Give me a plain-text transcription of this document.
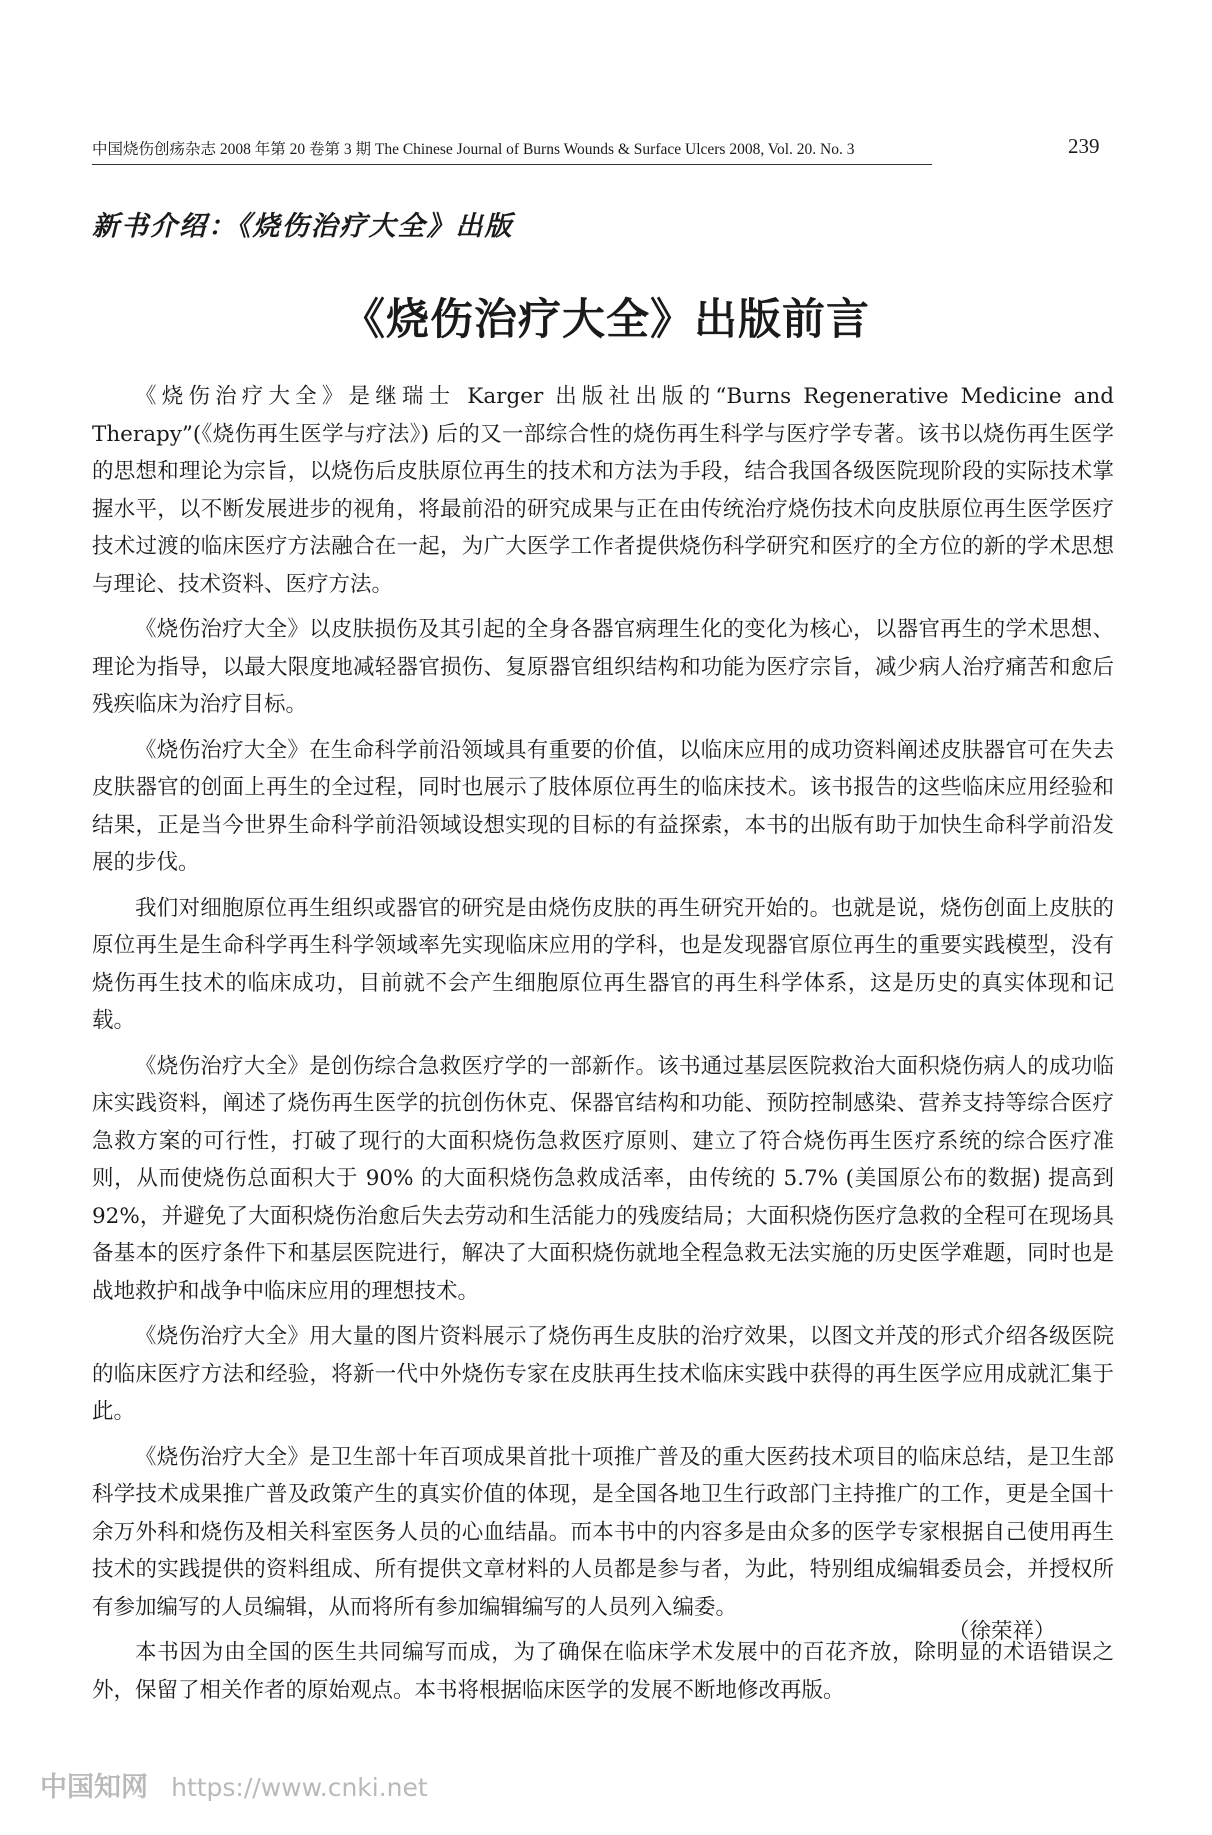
中国烧伤创疡杂志 2008 年第 20 卷第 3 期 The Chinese Journal of Burns Wounds & Surface Ulcers 2008, Vol. 20. No. 3	239
新书介绍：《烧伤治疗大全》出版
《烧伤治疗大全》出版前言

《烧伤治疗大全》是继瑞士 Karger 出版社出版的“Burns Regenerative Medicine and Therapy”(《烧伤再生医学与疗法》) 后的又一部综合性的烧伤再生科学与医疗学专著。该书以烧伤再生医学的思想和理论为宗旨，以烧伤后皮肤原位再生的技术和方法为手段，结合我国各级医院现阶段的实际技术掌握水平，以不断发展进步的视角，将最前沿的研究成果与正在由传统治疗烧伤技术向皮肤原位再生医学医疗技术过渡的临床医疗方法融合在一起，为广大医学工作者提供烧伤科学研究和医疗的全方位的新的学术思想与理论、技术资料、医疗方法。

《烧伤治疗大全》以皮肤损伤及其引起的全身各器官病理生化的变化为核心，以器官再生的学术思想、理论为指导，以最大限度地减轻器官损伤、复原器官组织结构和功能为医疗宗旨，减少病人治疗痛苦和愈后残疾临床为治疗目标。

《烧伤治疗大全》在生命科学前沿领域具有重要的价值，以临床应用的成功资料阐述皮肤器官可在失去皮肤器官的创面上再生的全过程，同时也展示了肢体原位再生的临床技术。该书报告的这些临床应用经验和结果，正是当今世界生命科学前沿领域设想实现的目标的有益探索，本书的出版有助于加快生命科学前沿发展的步伐。

我们对细胞原位再生组织或器官的研究是由烧伤皮肤的再生研究开始的。也就是说，烧伤创面上皮肤的原位再生是生命科学再生科学领域率先实现临床应用的学科，也是发现器官原位再生的重要实践模型，没有烧伤再生技术的临床成功，目前就不会产生细胞原位再生器官的再生科学体系，这是历史的真实体现和记载。

《烧伤治疗大全》是创伤综合急救医疗学的一部新作。该书通过基层医院救治大面积烧伤病人的成功临床实践资料，阐述了烧伤再生医学的抗创伤休克、保器官结构和功能、预防控制感染、营养支持等综合医疗急救方案的可行性，打破了现行的大面积烧伤急救医疗原则、建立了符合烧伤再生医疗系统的综合医疗准则，从而使烧伤总面积大于 90% 的大面积烧伤急救成活率，由传统的 5.7% (美国原公布的数据) 提高到 92%，并避免了大面积烧伤治愈后失去劳动和生活能力的残废结局；大面积烧伤医疗急救的全程可在现场具备基本的医疗条件下和基层医院进行，解决了大面积烧伤就地全程急救无法实施的历史医学难题，同时也是战地救护和战争中临床应用的理想技术。

《烧伤治疗大全》用大量的图片资料展示了烧伤再生皮肤的治疗效果，以图文并茂的形式介绍各级医院的临床医疗方法和经验，将新一代中外烧伤专家在皮肤再生技术临床实践中获得的再生医学应用成就汇集于此。

《烧伤治疗大全》是卫生部十年百项成果首批十项推广普及的重大医药技术项目的临床总结，是卫生部科学技术成果推广普及政策产生的真实价值的体现，是全国各地卫生行政部门主持推广的工作，更是全国十余万外科和烧伤及相关科室医务人员的心血结晶。而本书中的内容多是由众多的医学专家根据自己使用再生技术的实践提供的资料组成、所有提供文章材料的人员都是参与者，为此，特别组成编辑委员会，并授权所有参加编写的人员编辑，从而将所有参加编辑编写的人员列入编委。

本书因为由全国的医生共同编写而成，为了确保在临床学术发展中的百花齐放，除明显的术语错误之外，保留了相关作者的原始观点。本书将根据临床医学的发展不断地修改再版。

（徐荣祥）
中国知网 https://www.cnki.net
